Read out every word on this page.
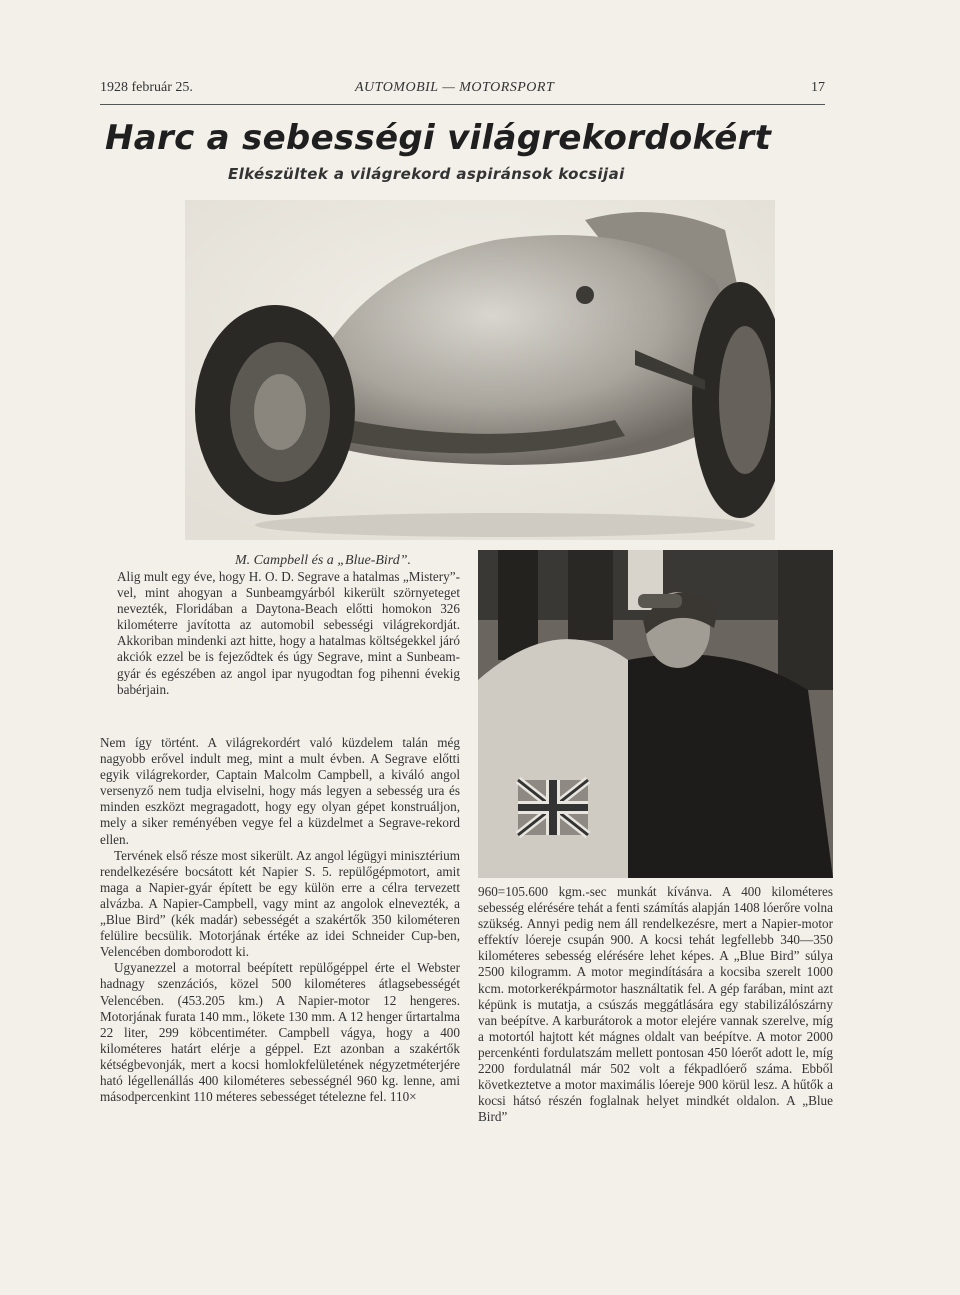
1928 február 25.	AUTOMOBIL — MOTORSPORT	17
Harc a sebességi világrekordokért
Elkészültek a világrekord aspiránsok kocsijai
M. Campbell és a „Blue-Bird”.

Alig mult egy éve, hogy H. O. D. Segrave a hatalmas „Mistery”-vel, mint ahogyan a Sunbeamgyárból kikerült szörnyeteget nevezték, Floridában a Daytona-Beach előtti homokon 326 kilométerre javította az automobil sebességi világrekordját. Akkoriban mindenki azt hitte, hogy a hatalmas költségekkel járó akciók ezzel be is fejeződtek és úgy Segrave, mint a Sunbeam-gyár és egészében az angol ipar nyugodtan fog pihenni évekig babérjain.

Nem így történt. A világrekordért való küzdelem talán még nagyobb erővel indult meg, mint a mult évben. A Segrave előtti egyik világrekorder, Captain Malcolm Campbell, a kiváló angol versenyző nem tudja elviselni, hogy más legyen a sebesség ura és minden eszközt megragadott, hogy egy olyan gépet konstruáljon, mely a siker reményében vegye fel a küzdelmet a Segrave-rekord ellen.

Tervének első része most sikerült. Az angol légügyi minisztérium rendelkezésére bocsátott két Napier S. 5. repülőgépmotort, amit maga a Napier-gyár épített be egy külön erre a célra tervezett alvázba. A Napier-Campbell, vagy mint az angolok elnevezték, a „Blue Bird” (kék madár) sebességét a szakértők 350 kilométeren felülire becsülik. Motorjának értéke az idei Schneider Cup-ben, Velencében domborodott ki.

Ugyanezzel a motorral beépített repülőgéppel érte el Webster hadnagy szenzációs, közel 500 kilométeres átlagsebességét Velencében. (453.205 km.) A Napier-motor 12 hengeres. Motorjának furata 140 mm., lökete 130 mm. A 12 henger űrtartalma 22 liter, 299 köbcentiméter. Campbell vágya, hogy a 400 kilométeres határt elérje a géppel. Ezt azonban a szakértők kétségbevonják, mert a kocsi homlokfelületének négyzetméterjére ható légellenállás 400 kilométeres sebességnél 960 kg. lenne, ami másodpercenkint 110 méteres sebességet tételezne fel. 110×

960=105.600 kgm.-sec munkát kívánva. A 400 kilométeres sebesség elérésére tehát a fenti számítás alapján 1408 lóerőre volna szükség. Annyi pedig nem áll rendelkezésre, mert a Napier-motor effektív lóereje csupán 900. A kocsi tehát legfellebb 340—350 kilométeres sebesség elérésére lehet képes. A „Blue Bird” súlya 2500 kilogramm. A motor megindítására a kocsiba szerelt 1000 kcm. motorkerékpármotor használtatik fel. A gép farában, mint azt képünk is mutatja, a csúszás meggátlására egy stabilizálószárny van beépítve. A karburátorok a motor elejére vannak szerelve, míg a motortól hajtott két mágnes oldalt van beépítve. A motor 2000 percenkénti fordulatszám mellett pontosan 450 lóerőt adott le, míg 2200 fordulatnál már 502 volt a fékpadlóerő száma. Ebből következtetve a motor maximális lóereje 900 körül lesz. A hűtők a kocsi hátsó részén foglalnak helyet mindkét oldalon. A „Blue Bird”
